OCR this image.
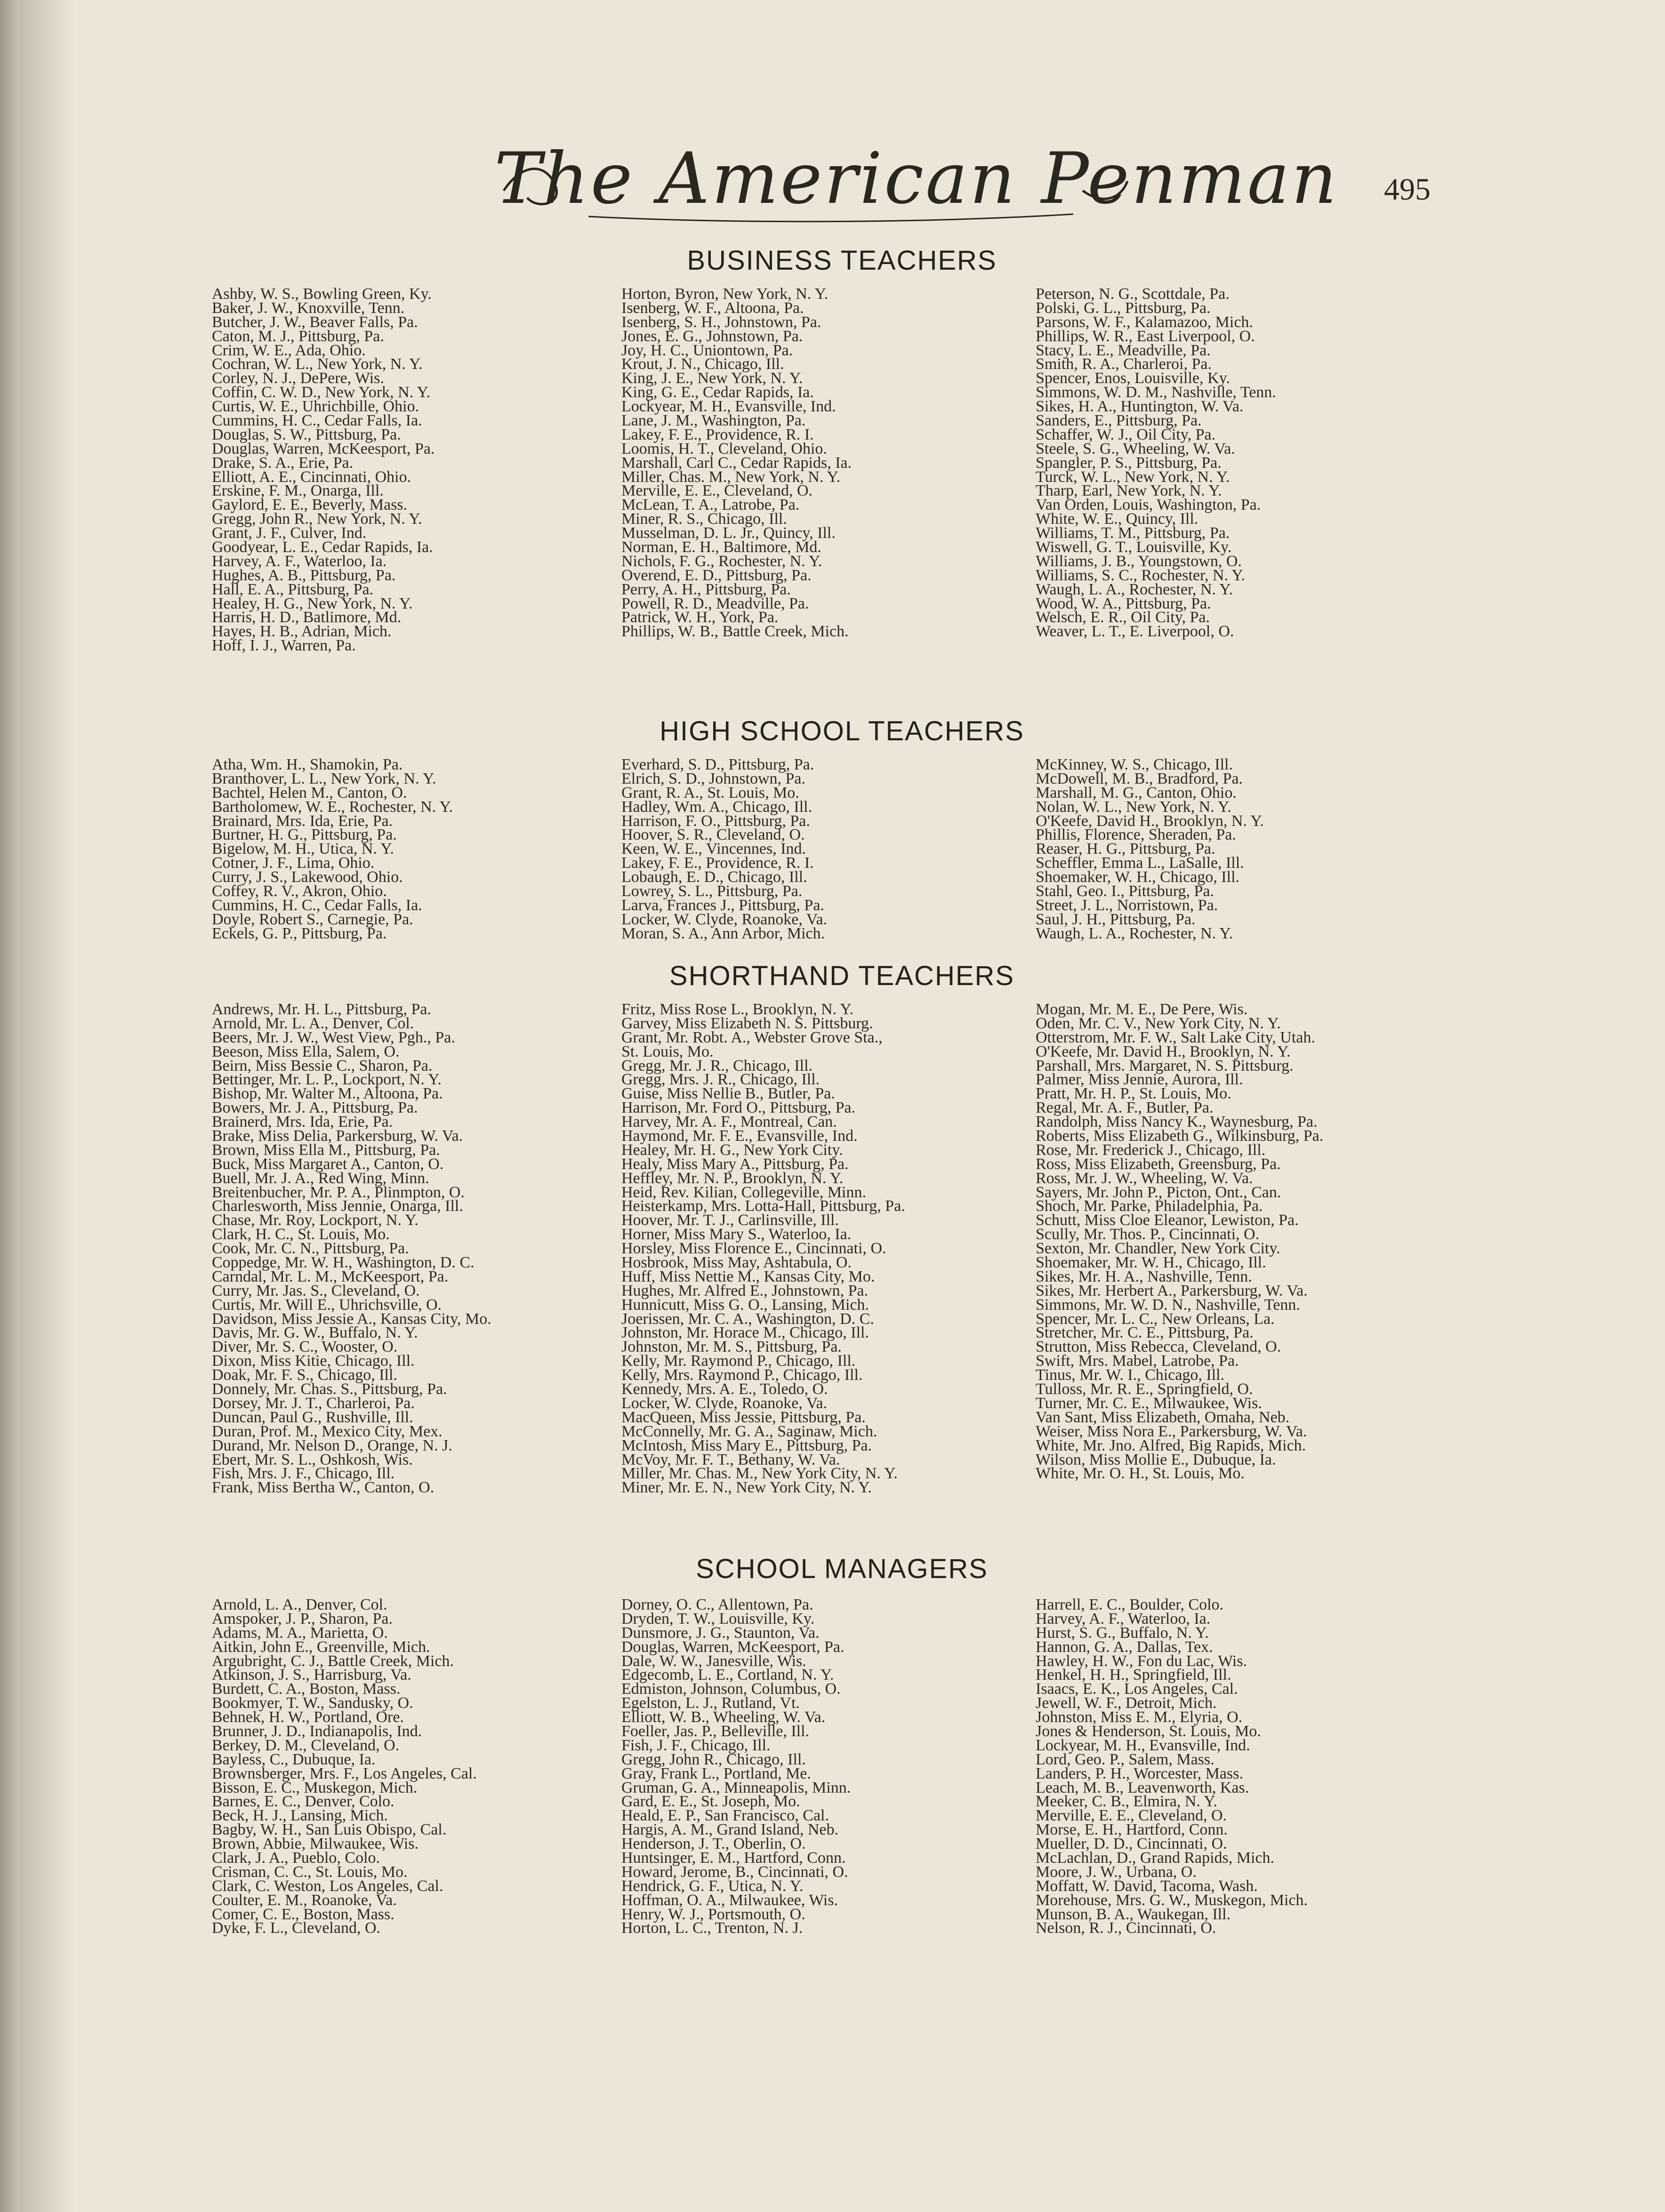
The American Penman 495
BUSINESS TEACHERS
Ashby, W. S., Bowling Green, Ky.
Baker, J. W., Knoxville, Tenn.
Butcher, J. W., Beaver Falls, Pa.
Caton, M. J., Pittsburg, Pa.
Crim, W. E., Ada, Ohio.
Cochran, W. L., New York, N. Y.
Corley, N. J., DePere, Wis.
Coffin, C. W. D., New York, N. Y.
Curtis, W. E., Uhrichbille, Ohio.
Cummins, H. C., Cedar Falls, Ia.
Douglas, S. W., Pittsburg, Pa.
Douglas, Warren, McKeesport, Pa.
Drake, S. A., Erie, Pa.
Elliott, A. E., Cincinnati, Ohio.
Erskine, F. M., Onarga, Ill.
Gaylord, E. E., Beverly, Mass.
Gregg, John R., New York, N. Y.
Grant, J. F., Culver, Ind.
Goodyear, L. E., Cedar Rapids, Ia.
Harvey, A. F., Waterloo, Ia.
Hughes, A. B., Pittsburg, Pa.
Hall, E. A., Pittsburg, Pa.
Healey, H. G., New York, N. Y.
Harris, H. D., Batlimore, Md.
Hayes, H. B., Adrian, Mich.
Hoff, I. J., Warren, Pa.
Horton, Byron, New York, N. Y.
Isenberg, W. F., Altoona, Pa.
Isenberg, S. H., Johnstown, Pa.
Jones, E. G., Johnstown, Pa.
Joy, H. C., Uniontown, Pa.
Krout, J. N., Chicago, Ill.
King, J. E., New York, N. Y.
King, G. E., Cedar Rapids, Ia.
Lockyear, M. H., Evansville, Ind.
Lane, J. M., Washington, Pa.
Lakey, F. E., Providence, R. I.
Loomis, H. T., Cleveland, Ohio.
Marshall, Carl C., Cedar Rapids, Ia.
Miller, Chas. M., New York, N. Y.
Merville, E. E., Cleveland, O.
McLean, T. A., Latrobe, Pa.
Miner, R. S., Chicago, Ill.
Musselman, D. L. Jr., Quincy, Ill.
Norman, E. H., Baltimore, Md.
Nichols, F. G., Rochester, N. Y.
Overend, E. D., Pittsburg, Pa.
Perry, A. H., Pittsburg, Pa.
Powell, R. D., Meadville, Pa.
Patrick, W. H., York, Pa.
Phillips, W. B., Battle Creek, Mich.
Peterson, N. G., Scottdale, Pa.
Polski, G. L., Pittsburg, Pa.
Parsons, W. F., Kalamazoo, Mich.
Phillips, W. R., East Liverpool, O.
Stacy, L. E., Meadville, Pa.
Smith, R. A., Charleroi, Pa.
Spencer, Enos, Louisville, Ky.
Simmons, W. D. M., Nashville, Tenn.
Sikes, H. A., Huntington, W. Va.
Sanders, E., Pittsburg, Pa.
Schaffer, W. J., Oil City, Pa.
Steele, S. G., Wheeling, W. Va.
Spangler, P. S., Pittsburg, Pa.
Turck, W. L., New York, N. Y.
Tharp, Earl, New York, N. Y.
Van Orden, Louis, Washington, Pa.
White, W. E., Quincy, Ill.
Williams, T. M., Pittsburg, Pa.
Wiswell, G. T., Louisville, Ky.
Williams, J. B., Youngstown, O.
Williams, S. C., Rochester, N. Y.
Waugh, L. A., Rochester, N. Y.
Wood, W. A., Pittsburg, Pa.
Welsch, E. R., Oil City, Pa.
Weaver, L. T., E. Liverpool, O.
HIGH SCHOOL TEACHERS
Atha, Wm. H., Shamokin, Pa.
Branthover, L. L., New York, N. Y.
Bachtel, Helen M., Canton, O.
Bartholomew, W. E., Rochester, N. Y.
Brainard, Mrs. Ida, Erie, Pa.
Burtner, H. G., Pittsburg, Pa.
Bigelow, M. H., Utica, N. Y.
Cotner, J. F., Lima, Ohio.
Curry, J. S., Lakewood, Ohio.
Coffey, R. V., Akron, Ohio.
Cummins, H. C., Cedar Falls, Ia.
Doyle, Robert S., Carnegie, Pa.
Eckels, G. P., Pittsburg, Pa.
Everhard, S. D., Pittsburg, Pa.
Elrich, S. D., Johnstown, Pa.
Grant, R. A., St. Louis, Mo.
Hadley, Wm. A., Chicago, Ill.
Harrison, F. O., Pittsburg, Pa.
Hoover, S. R., Cleveland, O.
Keen, W. E., Vincennes, Ind.
Lakey, F. E., Providence, R. I.
Lobaugh, E. D., Chicago, Ill.
Lowrey, S. L., Pittsburg, Pa.
Larva, Frances J., Pittsburg, Pa.
Locker, W. Clyde, Roanoke, Va.
Moran, S. A., Ann Arbor, Mich.
McKinney, W. S., Chicago, Ill.
McDowell, M. B., Bradford, Pa.
Marshall, M. G., Canton, Ohio.
Nolan, W. L., New York, N. Y.
O'Keefe, David H., Brooklyn, N. Y.
Phillis, Florence, Sheraden, Pa.
Reaser, H. G., Pittsburg, Pa.
Scheffler, Emma L., LaSalle, Ill.
Shoemaker, W. H., Chicago, Ill.
Stahl, Geo. I., Pittsburg, Pa.
Street, J. L., Norristown, Pa.
Saul, J. H., Pittsburg, Pa.
Waugh, L. A., Rochester, N. Y.
SHORTHAND TEACHERS
Andrews, Mr. H. L., Pittsburg, Pa.
Arnold, Mr. L. A., Denver, Col.
Beers, Mr. J. W., West View, Pgh., Pa.
Beeson, Miss Ella, Salem, O.
Beirn, Miss Bessie C., Sharon, Pa.
Bettinger, Mr. L. P., Lockport, N. Y.
Bishop, Mr. Walter M., Altoona, Pa.
Bowers, Mr. J. A., Pittsburg, Pa.
Brainerd, Mrs. Ida, Erie, Pa.
Brake, Miss Delia, Parkersburg, W. Va.
Brown, Miss Ella M., Pittsburg, Pa.
Buck, Miss Margaret A., Canton, O.
Buell, Mr. J. A., Red Wing, Minn.
Breitenbucher, Mr. P. A., Plinmpton, O.
Charlesworth, Miss Jennie, Onarga, Ill.
Chase, Mr. Roy, Lockport, N. Y.
Clark, H. C., St. Louis, Mo.
Cook, Mr. C. N., Pittsburg, Pa.
Coppedge, Mr. W. H., Washington, D. C.
Carndal, Mr. L. M., McKeesport, Pa.
Curry, Mr. Jas. S., Cleveland, O.
Curtis, Mr. Will E., Uhrichsville, O.
Davidson, Miss Jessie A., Kansas City, Mo.
Davis, Mr. G. W., Buffalo, N. Y.
Diver, Mr. S. C., Wooster, O.
Dixon, Miss Kitie, Chicago, Ill.
Doak, Mr. F. S., Chicago, Ill.
Donnely, Mr. Chas. S., Pittsburg, Pa.
Dorsey, Mr. J. T., Charleroi, Pa.
Duncan, Paul G., Rushville, Ill.
Duran, Prof. M., Mexico City, Mex.
Durand, Mr. Nelson D., Orange, N. J.
Ebert, Mr. S. L., Oshkosh, Wis.
Fish, Mrs. J. F., Chicago, Ill.
Frank, Miss Bertha W., Canton, O.
Fritz, Miss Rose L., Brooklyn, N. Y.
Garvey, Miss Elizabeth N. S. Pittsburg.
Grant, Mr. Robt. A., Webster Grove Sta.,
St. Louis, Mo.
Gregg, Mr. J. R., Chicago, Ill.
Gregg, Mrs. J. R., Chicago, Ill.
Guise, Miss Nellie B., Butler, Pa.
Harrison, Mr. Ford O., Pittsburg, Pa.
Harvey, Mr. A. F., Montreal, Can.
Haymond, Mr. F. E., Evansville, Ind.
Healey, Mr. H. G., New York City.
Healy, Miss Mary A., Pittsburg, Pa.
Heffley, Mr. N. P., Brooklyn, N. Y.
Heid, Rev. Kilian, Collegeville, Minn.
Heisterkamp, Mrs. Lotta-Hall, Pittsburg, Pa.
Hoover, Mr. T. J., Carlinsville, Ill.
Horner, Miss Mary S., Waterloo, Ia.
Horsley, Miss Florence E., Cincinnati, O.
Hosbrook, Miss May, Ashtabula, O.
Huff, Miss Nettie M., Kansas City, Mo.
Hughes, Mr. Alfred E., Johnstown, Pa.
Hunnicutt, Miss G. O., Lansing, Mich.
Joerissen, Mr. C. A., Washington, D. C.
Johnston, Mr. Horace M., Chicago, Ill.
Johnston, Mr. M. S., Pittsburg, Pa.
Kelly, Mr. Raymond P., Chicago, Ill.
Kelly, Mrs. Raymond P., Chicago, Ill.
Kennedy, Mrs. A. E., Toledo, O.
Locker, W. Clyde, Roanoke, Va.
MacQueen, Miss Jessie, Pittsburg, Pa.
McConnelly, Mr. G. A., Saginaw, Mich.
McIntosh, Miss Mary E., Pittsburg, Pa.
McVoy, Mr. F. T., Bethany, W. Va.
Miller, Mr. Chas. M., New York City, N. Y.
Miner, Mr. E. N., New York City, N. Y.
Mogan, Mr. M. E., De Pere, Wis.
Oden, Mr. C. V., New York City, N. Y.
Otterstrom, Mr. F. W., Salt Lake City, Utah.
O'Keefe, Mr. David H., Brooklyn, N. Y.
Parshall, Mrs. Margaret, N. S. Pittsburg.
Palmer, Miss Jennie, Aurora, Ill.
Pratt, Mr. H. P., St. Louis, Mo.
Regal, Mr. A. F., Butler, Pa.
Randolph, Miss Nancy K., Waynesburg, Pa.
Roberts, Miss Elizabeth G., Wilkinsburg, Pa.
Rose, Mr. Frederick J., Chicago, Ill.
Ross, Miss Elizabeth, Greensburg, Pa.
Ross, Mr. J. W., Wheeling, W. Va.
Sayers, Mr. John P., Picton, Ont., Can.
Shoch, Mr. Parke, Philadelphia, Pa.
Schutt, Miss Cloe Eleanor, Lewiston, Pa.
Scully, Mr. Thos. P., Cincinnati, O.
Sexton, Mr. Chandler, New York City.
Shoemaker, Mr. W. H., Chicago, Ill.
Sikes, Mr. H. A., Nashville, Tenn.
Sikes, Mr. Herbert A., Parkersburg, W. Va.
Simmons, Mr. W. D. N., Nashville, Tenn.
Spencer, Mr. L. C., New Orleans, La.
Stretcher, Mr. C. E., Pittsburg, Pa.
Strutton, Miss Rebecca, Cleveland, O.
Swift, Mrs. Mabel, Latrobe, Pa.
Tinus, Mr. W. I., Chicago, Ill.
Tulloss, Mr. R. E., Springfield, O.
Turner, Mr. C. E., Milwaukee, Wis.
Van Sant, Miss Elizabeth, Omaha, Neb.
Weiser, Miss Nora E., Parkersburg, W. Va.
White, Mr. Jno. Alfred, Big Rapids, Mich.
Wilson, Miss Mollie E., Dubuque, Ia.
White, Mr. O. H., St. Louis, Mo.
SCHOOL MANAGERS
Arnold, L. A., Denver, Col.
Amspoker, J. P., Sharon, Pa.
Adams, M. A., Marietta, O.
Aitkin, John E., Greenville, Mich.
Argubright, C. J., Battle Creek, Mich.
Atkinson, J. S., Harrisburg, Va.
Burdett, C. A., Boston, Mass.
Bookmyer, T. W., Sandusky, O.
Behnek, H. W., Portland, Ore.
Brunner, J. D., Indianapolis, Ind.
Berkey, D. M., Cleveland, O.
Bayless, C., Dubuque, Ia.
Brownsberger, Mrs. F., Los Angeles, Cal.
Bisson, E. C., Muskegon, Mich.
Barnes, E. C., Denver, Colo.
Beck, H. J., Lansing, Mich.
Bagby, W. H., San Luis Obispo, Cal.
Brown, Abbie, Milwaukee, Wis.
Clark, J. A., Pueblo, Colo.
Crisman, C. C., St. Louis, Mo.
Clark, C. Weston, Los Angeles, Cal.
Coulter, E. M., Roanoke, Va.
Comer, C. E., Boston, Mass.
Dyke, F. L., Cleveland, O.
Dorney, O. C., Allentown, Pa.
Dryden, T. W., Louisville, Ky.
Dunsmore, J. G., Staunton, Va.
Douglas, Warren, McKeesport, Pa.
Dale, W. W., Janesville, Wis.
Edgecomb, L. E., Cortland, N. Y.
Edmiston, Johnson, Columbus, O.
Egelston, L. J., Rutland, Vt.
Elliott, W. B., Wheeling, W. Va.
Foeller, Jas. P., Belleville, Ill.
Fish, J. F., Chicago, Ill.
Gregg, John R., Chicago, Ill.
Gray, Frank L., Portland, Me.
Gruman, G. A., Minneapolis, Minn.
Gard, E. E., St. Joseph, Mo.
Heald, E. P., San Francisco, Cal.
Hargis, A. M., Grand Island, Neb.
Henderson, J. T., Oberlin, O.
Huntsinger, E. M., Hartford, Conn.
Howard, Jerome, B., Cincinnati, O.
Hendrick, G. F., Utica, N. Y.
Hoffman, O. A., Milwaukee, Wis.
Henry, W. J., Portsmouth, O.
Horton, L. C., Trenton, N. J.
Harrell, E. C., Boulder, Colo.
Harvey, A. F., Waterloo, Ia.
Hurst, S. G., Buffalo, N. Y.
Hannon, G. A., Dallas, Tex.
Hawley, H. W., Fon du Lac, Wis.
Henkel, H. H., Springfield, Ill.
Isaacs, E. K., Los Angeles, Cal.
Jewell, W. F., Detroit, Mich.
Johnston, Miss E. M., Elyria, O.
Jones & Henderson, St. Louis, Mo.
Lockyear, M. H., Evansville, Ind.
Lord, Geo. P., Salem, Mass.
Landers, P. H., Worcester, Mass.
Leach, M. B., Leavenworth, Kas.
Meeker, C. B., Elmira, N. Y.
Merville, E. E., Cleveland, O.
Morse, E. H., Hartford, Conn.
Mueller, D. D., Cincinnati, O.
McLachlan, D., Grand Rapids, Mich.
Moore, J. W., Urbana, O.
Moffatt, W. David, Tacoma, Wash.
Morehouse, Mrs. G. W., Muskegon, Mich.
Munson, B. A., Waukegan, Ill.
Nelson, R. J., Cincinnati, O.
